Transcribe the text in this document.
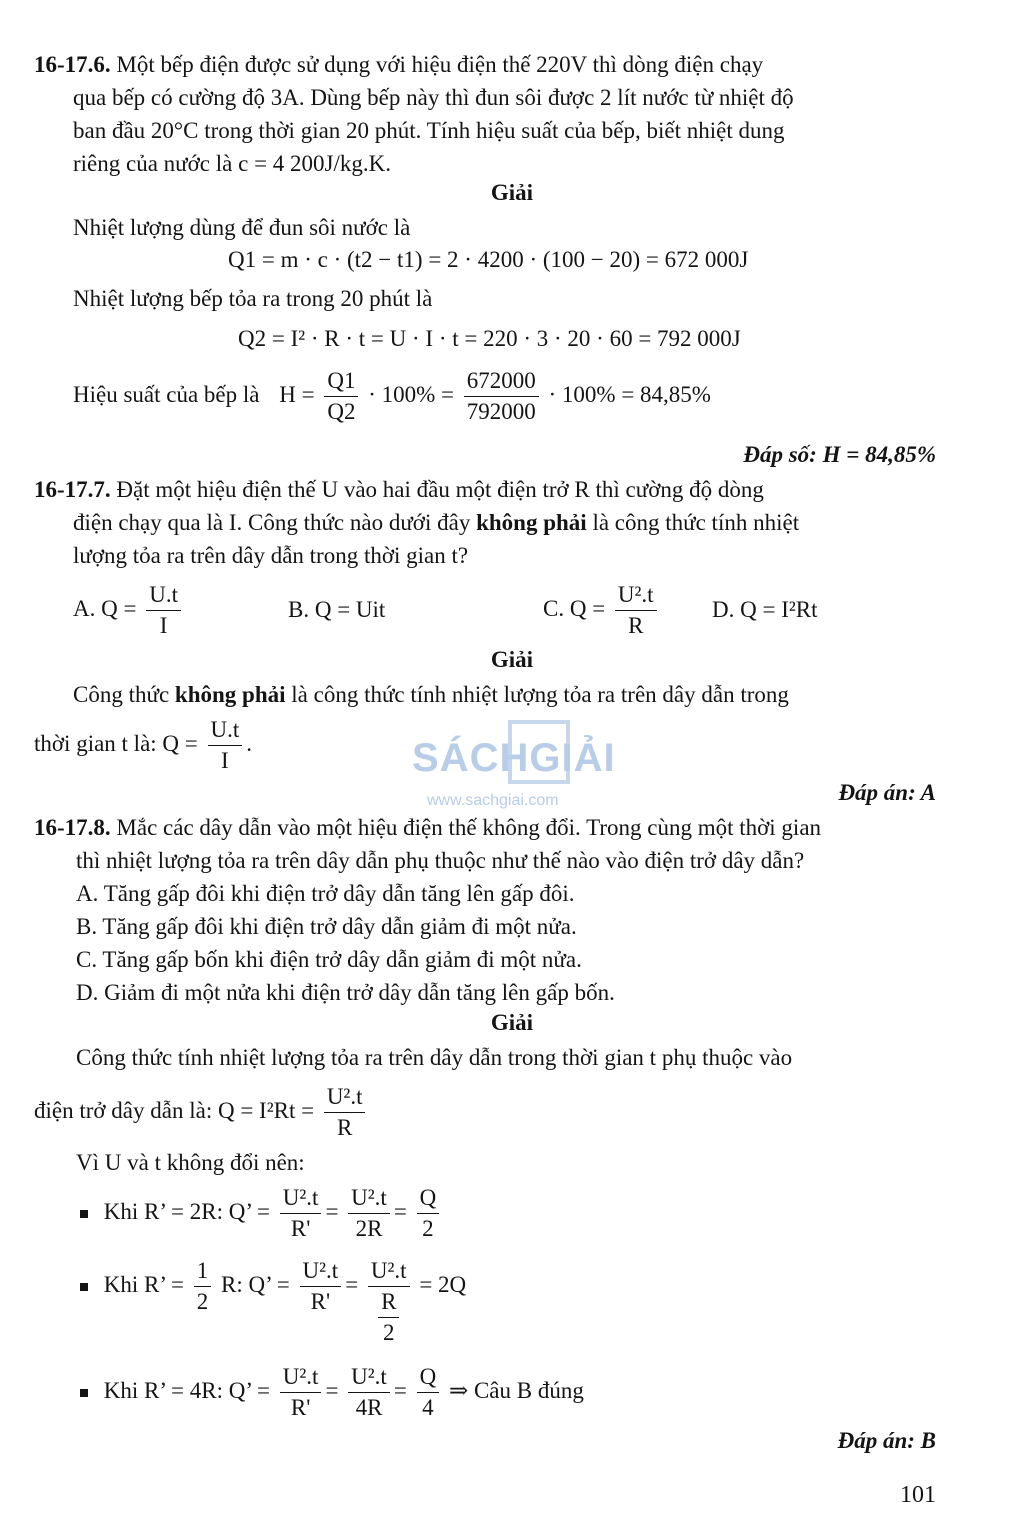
SÁCHGIẢI
www.sachgiai.com
16-17.6. Một bếp điện được sử dụng với hiệu điện thế 220V thì dòng điện chạy
qua bếp có cường độ 3A. Dùng bếp này thì đun sôi được 2 lít nước từ nhiệt độ
ban đầu 20°C trong thời gian 20 phút. Tính hiệu suất của bếp, biết nhiệt dung
riêng của nước là c = 4 200J/kg.K.
Giải
Nhiệt lượng dùng để đun sôi nước là
Q1 = m · c · (t2 − t1) = 2 · 4200 · (100 − 20) = 672 000J
Nhiệt lượng bếp tỏa ra trong 20 phút là
Q2 = I² · R · t = U · I · t = 220 · 3 · 20 · 60 = 792 000J
Hiệu suất của bếp là $H = \frac{Q1}{Q2} \cdot 100\% = \frac{672000}{792000} \cdot 100\% = 84,85\%$
Đáp số: H = 84,85%
16-17.7. Đặt một hiệu điện thế U vào hai đầu một điện trở R thì cường độ dòng
điện chạy qua là I. Công thức nào dưới đây không phải là công thức tính nhiệt
lượng tỏa ra trên dây dẫn trong thời gian t?
A. $Q = \frac{U.t}{I}$	B. Q = Uit	C. $Q = \frac{\text{U².t}}{R} D$. Q = I²Rt
Giải
Công thức không phải là công thức tính nhiệt lượng tỏa ra trên dây dẫn trong
thời gian t là: $Q = \frac{U.t}{I}$ .
Đáp án: A
16-17.8. Mắc các dây dẫn vào một hiệu điện thế không đổi. Trong cùng một thời gian
thì nhiệt lượng tỏa ra trên dây dẫn phụ thuộc như thế nào vào điện trở dây dẫn?
A. Tăng gấp đôi khi điện trở dây dẫn tăng lên gấp đôi.
B. Tăng gấp đôi khi điện trở dây dẫn giảm đi một nửa.
C. Tăng gấp bốn khi điện trở dây dẫn giảm đi một nửa.
D. Giảm đi một nửa khi điện trở dây dẫn tăng lên gấp bốn.
Giải
Công thức tính nhiệt lượng tỏa ra trên dây dẫn trong thời gian t phụ thuộc vào
điện trở dây dẫn là: $Q = I^2Rt = \frac{\text{U².t}}{R}$
Vì U và t không đổi nên:
Khi R’ = 2R: Q’ = $\frac{\text{U².t}}{R'} = \frac{\text{U².t}}{2R} = \frac{Q}{2}$
Khi R’ = $\frac{1}{2} R$: Q’ = $\frac{\text{U².t}}{R'} = \frac{\text{U².t}}{\frac{R}{2}} = 2Q$
Khi R’ = 4R: Q’ = $\frac{\text{U².t}}{R'} = \frac{\text{U².t}}{4R} = \frac{Q}{4}$ ⇒ Câu B đúng
Đáp án: B
101
